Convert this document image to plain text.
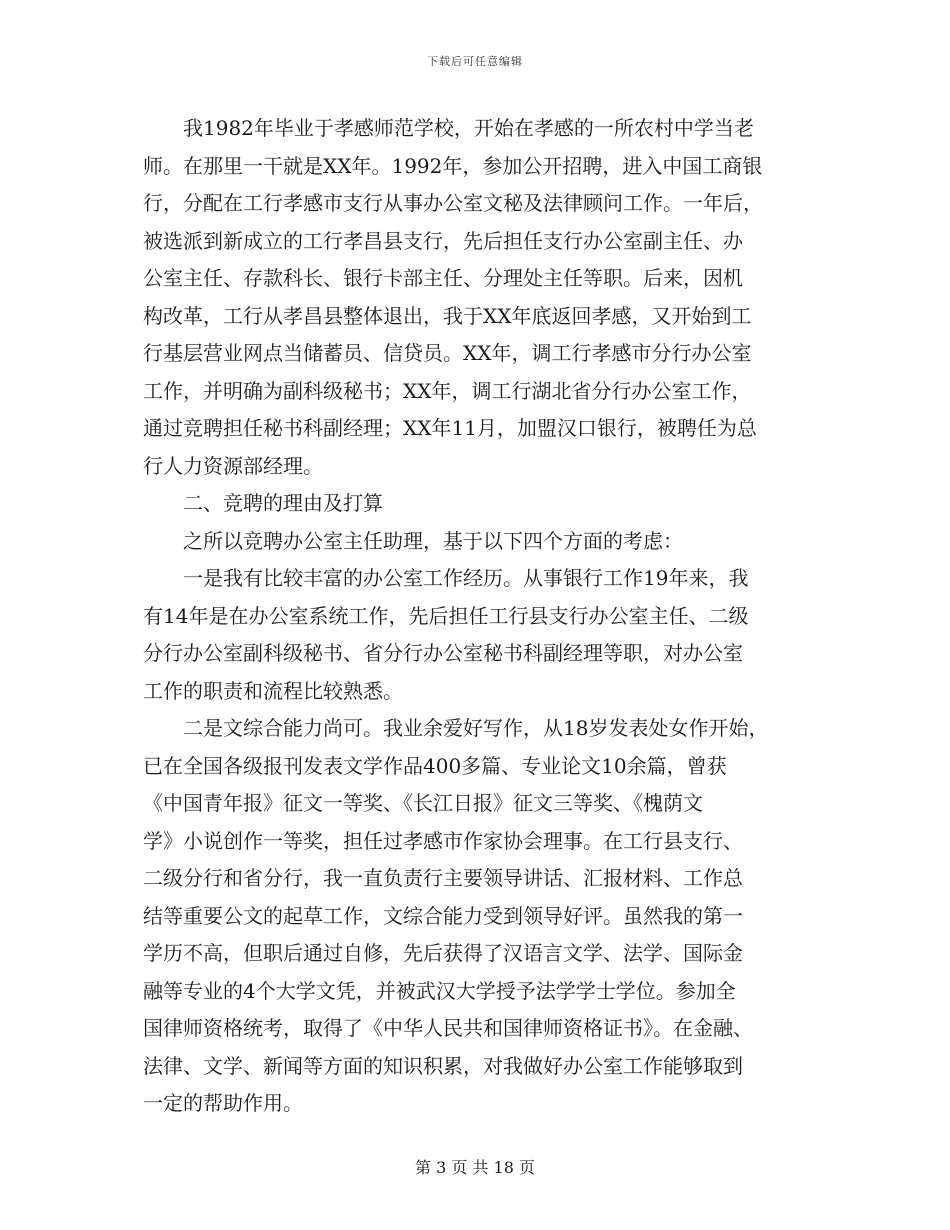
下载后可任意编辑
　　我1982年毕业于孝感师范学校，开始在孝感的一所农村中学当老
师。在那里一干就是XX年。1992年，参加公开招聘，进入中国工商银
行，分配在工行孝感市支行从事办公室文秘及法律顾问工作。一年后，
被选派到新成立的工行孝昌县支行，先后担任支行办公室副主任、办
公室主任、存款科长、银行卡部主任、分理处主任等职。后来，因机
构改革，工行从孝昌县整体退出，我于XX年底返回孝感，又开始到工
行基层营业网点当储蓄员、信贷员。XX年，调工行孝感市分行办公室
工作，并明确为副科级秘书；XX年，调工行湖北省分行办公室工作，
通过竞聘担任秘书科副经理；XX年11月，加盟汉口银行，被聘任为总
行人力资源部经理。
　　二、竞聘的理由及打算
　　之所以竞聘办公室主任助理，基于以下四个方面的考虑：
　　一是我有比较丰富的办公室工作经历。从事银行工作19年来，我
有14年是在办公室系统工作，先后担任工行县支行办公室主任、二级
分行办公室副科级秘书、省分行办公室秘书科副经理等职，对办公室
工作的职责和流程比较熟悉。
　　二是文综合能力尚可。我业余爱好写作，从18岁发表处女作开始，
已在全国各级报刊发表文学作品400多篇、专业论文10余篇，曾获
《中国青年报》征文一等奖、《长江日报》征文三等奖、《槐荫文
学》小说创作一等奖，担任过孝感市作家协会理事。在工行县支行、
二级分行和省分行，我一直负责行主要领导讲话、汇报材料、工作总
结等重要公文的起草工作，文综合能力受到领导好评。虽然我的第一
学历不高，但职后通过自修，先后获得了汉语言文学、法学、国际金
融等专业的4个大学文凭，并被武汉大学授予法学学士学位。参加全
国律师资格统考，取得了《中华人民共和国律师资格证书》。在金融、
法律、文学、新闻等方面的知识积累，对我做好办公室工作能够取到
一定的帮助作用。
第 3 页 共 18 页
